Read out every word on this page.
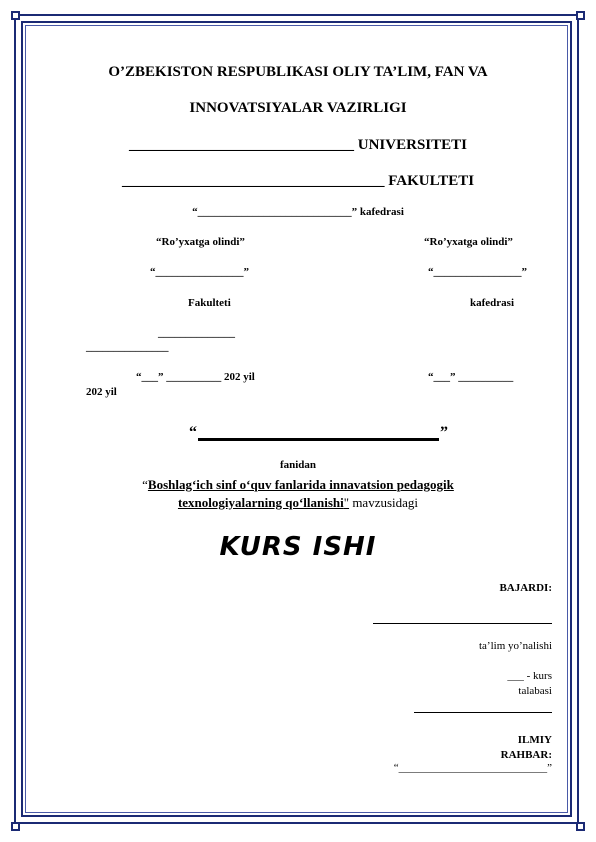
O’ZBEKISTON RESPUBLIKASI OLIY TA’LIM, FAN VA
INNOVATSIYALAR VAZIRLIGI
______________________________ UNIVERSITETI
___________________________________ FAKULTETI
“____________________________” kafedrasi
“Ro’yxatga olindi”
“________________”
Fakulteti
______________
_______________
“___” __________ 202 yil
202 yil
“Ro’yxatga olindi”
“________________”
kafedrasi
“___” __________
“	”
fanidan
“Boshlag‘ich sinf o‘quv fanlarida innavatsion pedagogik
texnologiyalarning qo‘llanishi" mavzusidagi
KURS ISHI
BAJARDI:
ta’lim yo’nalishi
___ - kurs
talabasi
ILMIY
RAHBAR:
“___________________________”
